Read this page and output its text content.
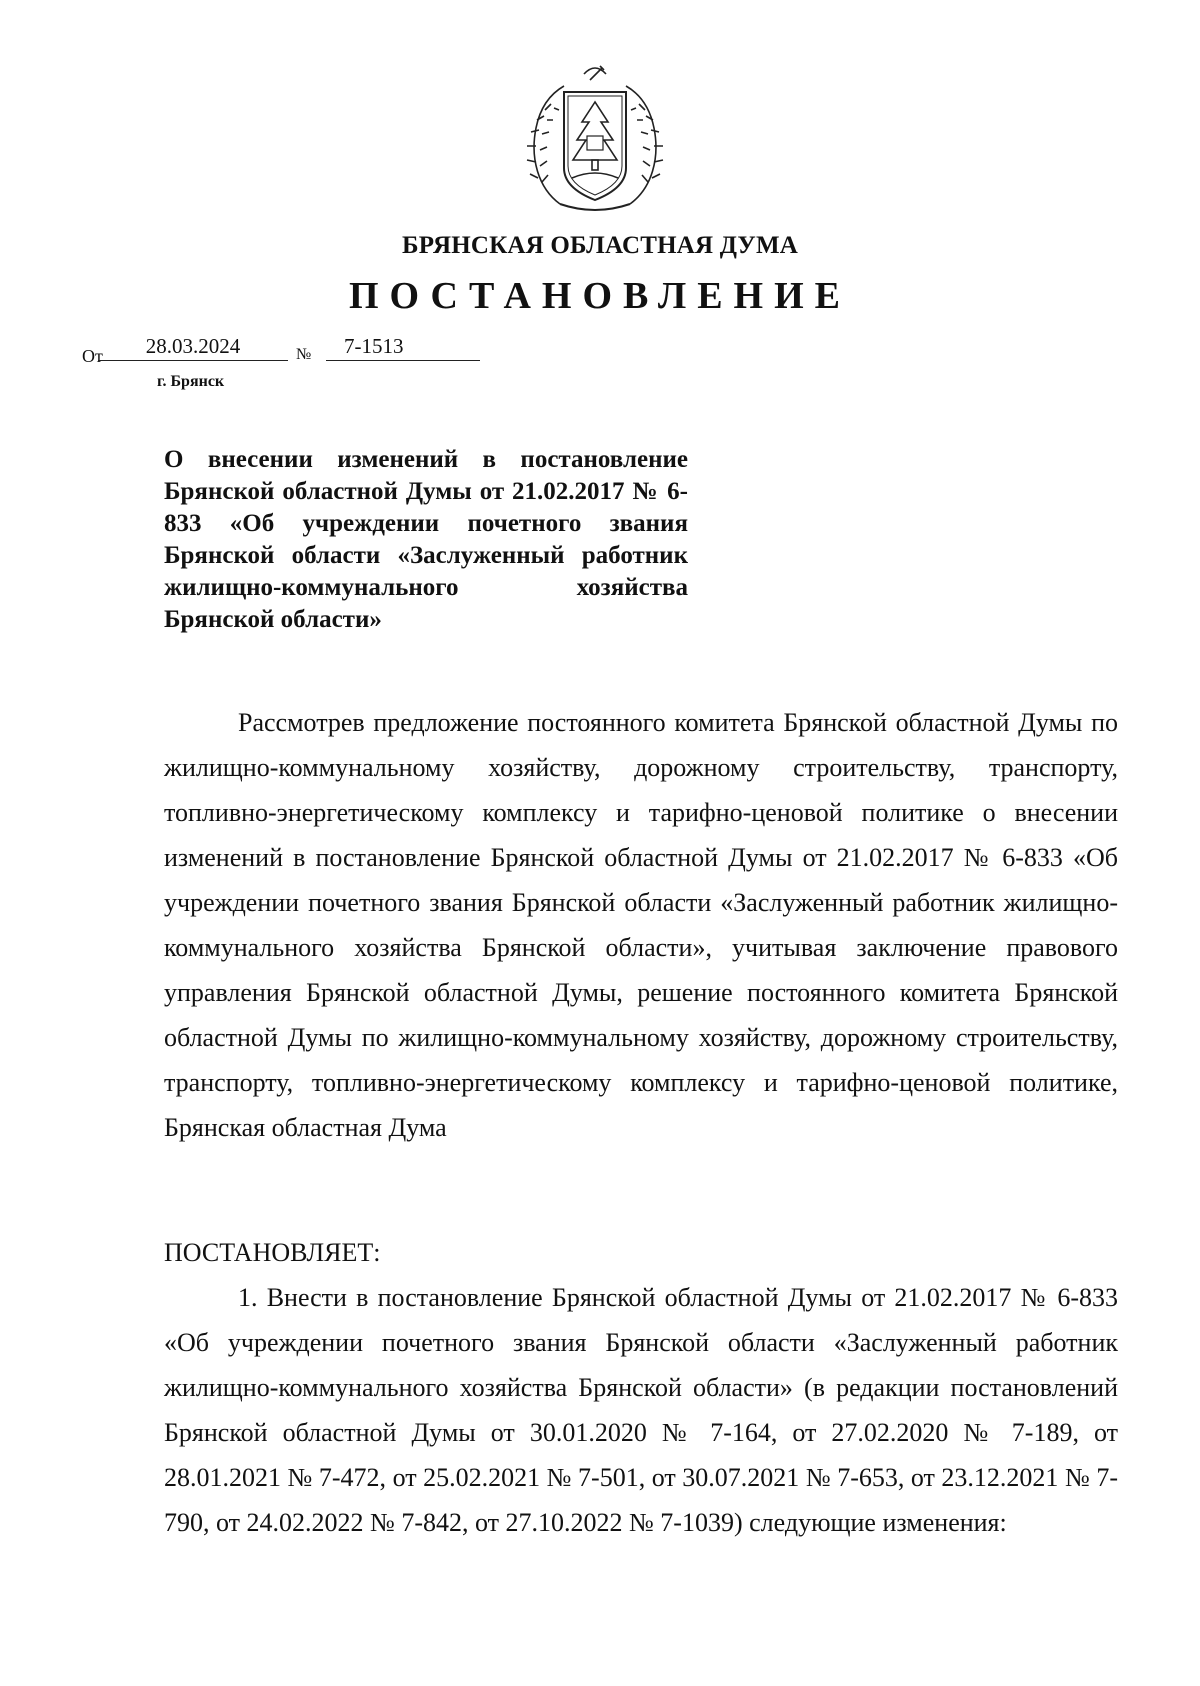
БРЯНСКАЯ ОБЛАСТНАЯ ДУМА
ПОСТАНОВЛЕНИЕ
От	28.03.2024	№	7-1513
г. Брянск
О внесении изменений в постановление Брянской областной Думы от 21.02.2017 № 6-833 «Об учреждении почетного звания Брянской области «Заслуженный работник жилищно-коммунального хозяйства Брянской области»

Рассмотрев предложение постоянного комитета Брянской областной Думы по жилищно-коммунальному хозяйству, дорожному строительству, транспорту, топливно-энергетическому комплексу и тарифно-ценовой политике о внесении изменений в постановление Брянской областной Думы от 21.02.2017 № 6-833 «Об учреждении почетного звания Брянской области «Заслуженный работник жилищно-коммунального хозяйства Брянской области», учитывая заключение правового управления Брянской областной Думы, решение постоянного комитета Брянской областной Думы по жилищно-коммунальному хозяйству, дорожному строительству, транспорту, топливно-энергетическому комплексу и тарифно-ценовой политике, Брянская областная Дума

ПОСТАНОВЛЯЕТ:

1. Внести в постановление Брянской областной Думы от 21.02.2017 № 6-833 «Об учреждении почетного звания Брянской области «Заслуженный работник жилищно-коммунального хозяйства Брянской области» (в редакции постановлений Брянской областной Думы от 30.01.2020 № 7-164, от 27.02.2020 № 7-189, от 28.01.2021 № 7-472, от 25.02.2021 № 7-501, от 30.07.2021 № 7-653, от 23.12.2021 № 7-790, от 24.02.2022 № 7-842, от 27.10.2022 № 7-1039) следующие изменения:
